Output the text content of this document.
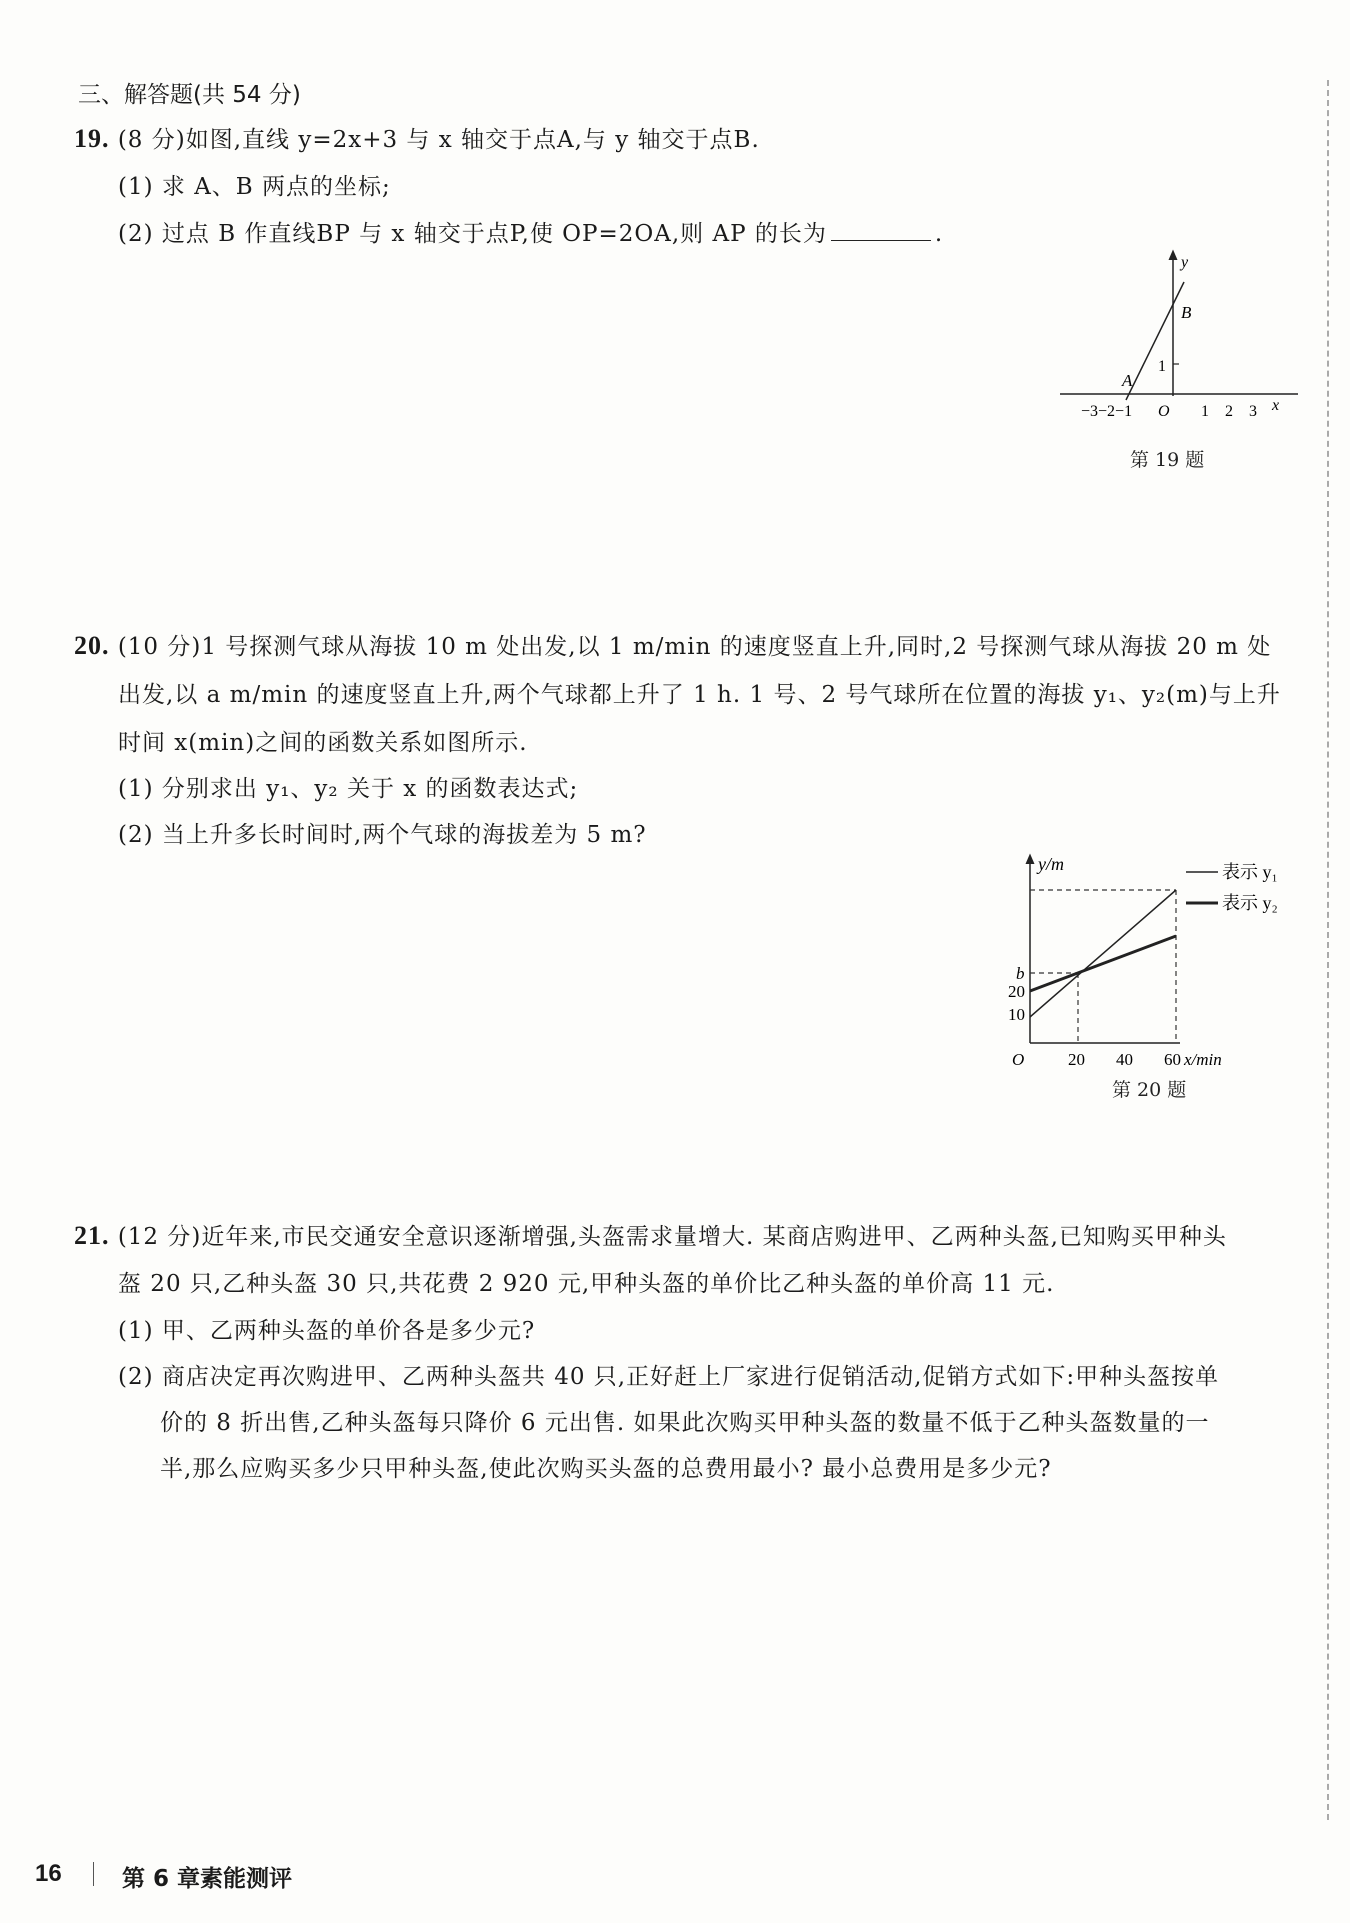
三、解答题(共 54 分)
19. (8 分)如图,直线 y=2x+3 与 x 轴交于点A,与 y 轴交于点B.
(1) 求 A、B 两点的坐标;
(2) 过点 B 作直线BP 与 x 轴交于点P,使 OP=2OA,则 AP 的长为	.
y
B
A
1
−3−2−1 O 1 2 3 x
第 19 题
20. (10 分)1 号探测气球从海拔 10 m 处出发,以 1 m/min 的速度竖直上升,同时,2 号探测气球从海拔 20 m 处
出发,以 a m/min 的速度竖直上升,两个气球都上升了 1 h. 1 号、2 号气球所在位置的海拔 y₁、y₂(m)与上升
时间 x(min)之间的函数关系如图所示.
(1) 分别求出 y₁、y₂ 关于 x 的函数表达式;
(2) 当上升多长时间时,两个气球的海拔差为 5 m?
y/m
b
20
10
O	20 40 60 x/min
表示 y₁
表示 y₂
第 20 题
21. (12 分)近年来,市民交通安全意识逐渐增强,头盔需求量增大. 某商店购进甲、乙两种头盔,已知购买甲种头
盔 20 只,乙种头盔 30 只,共花费 2 920 元,甲种头盔的单价比乙种头盔的单价高 11 元.
(1) 甲、乙两种头盔的单价各是多少元?
(2) 商店决定再次购进甲、乙两种头盔共 40 只,正好赶上厂家进行促销活动,促销方式如下:甲种头盔按单
价的 8 折出售,乙种头盔每只降价 6 元出售. 如果此次购买甲种头盔的数量不低于乙种头盔数量的一
半,那么应购买多少只甲种头盔,使此次购买头盔的总费用最小? 最小总费用是多少元?
16	第 6 章素能测评
